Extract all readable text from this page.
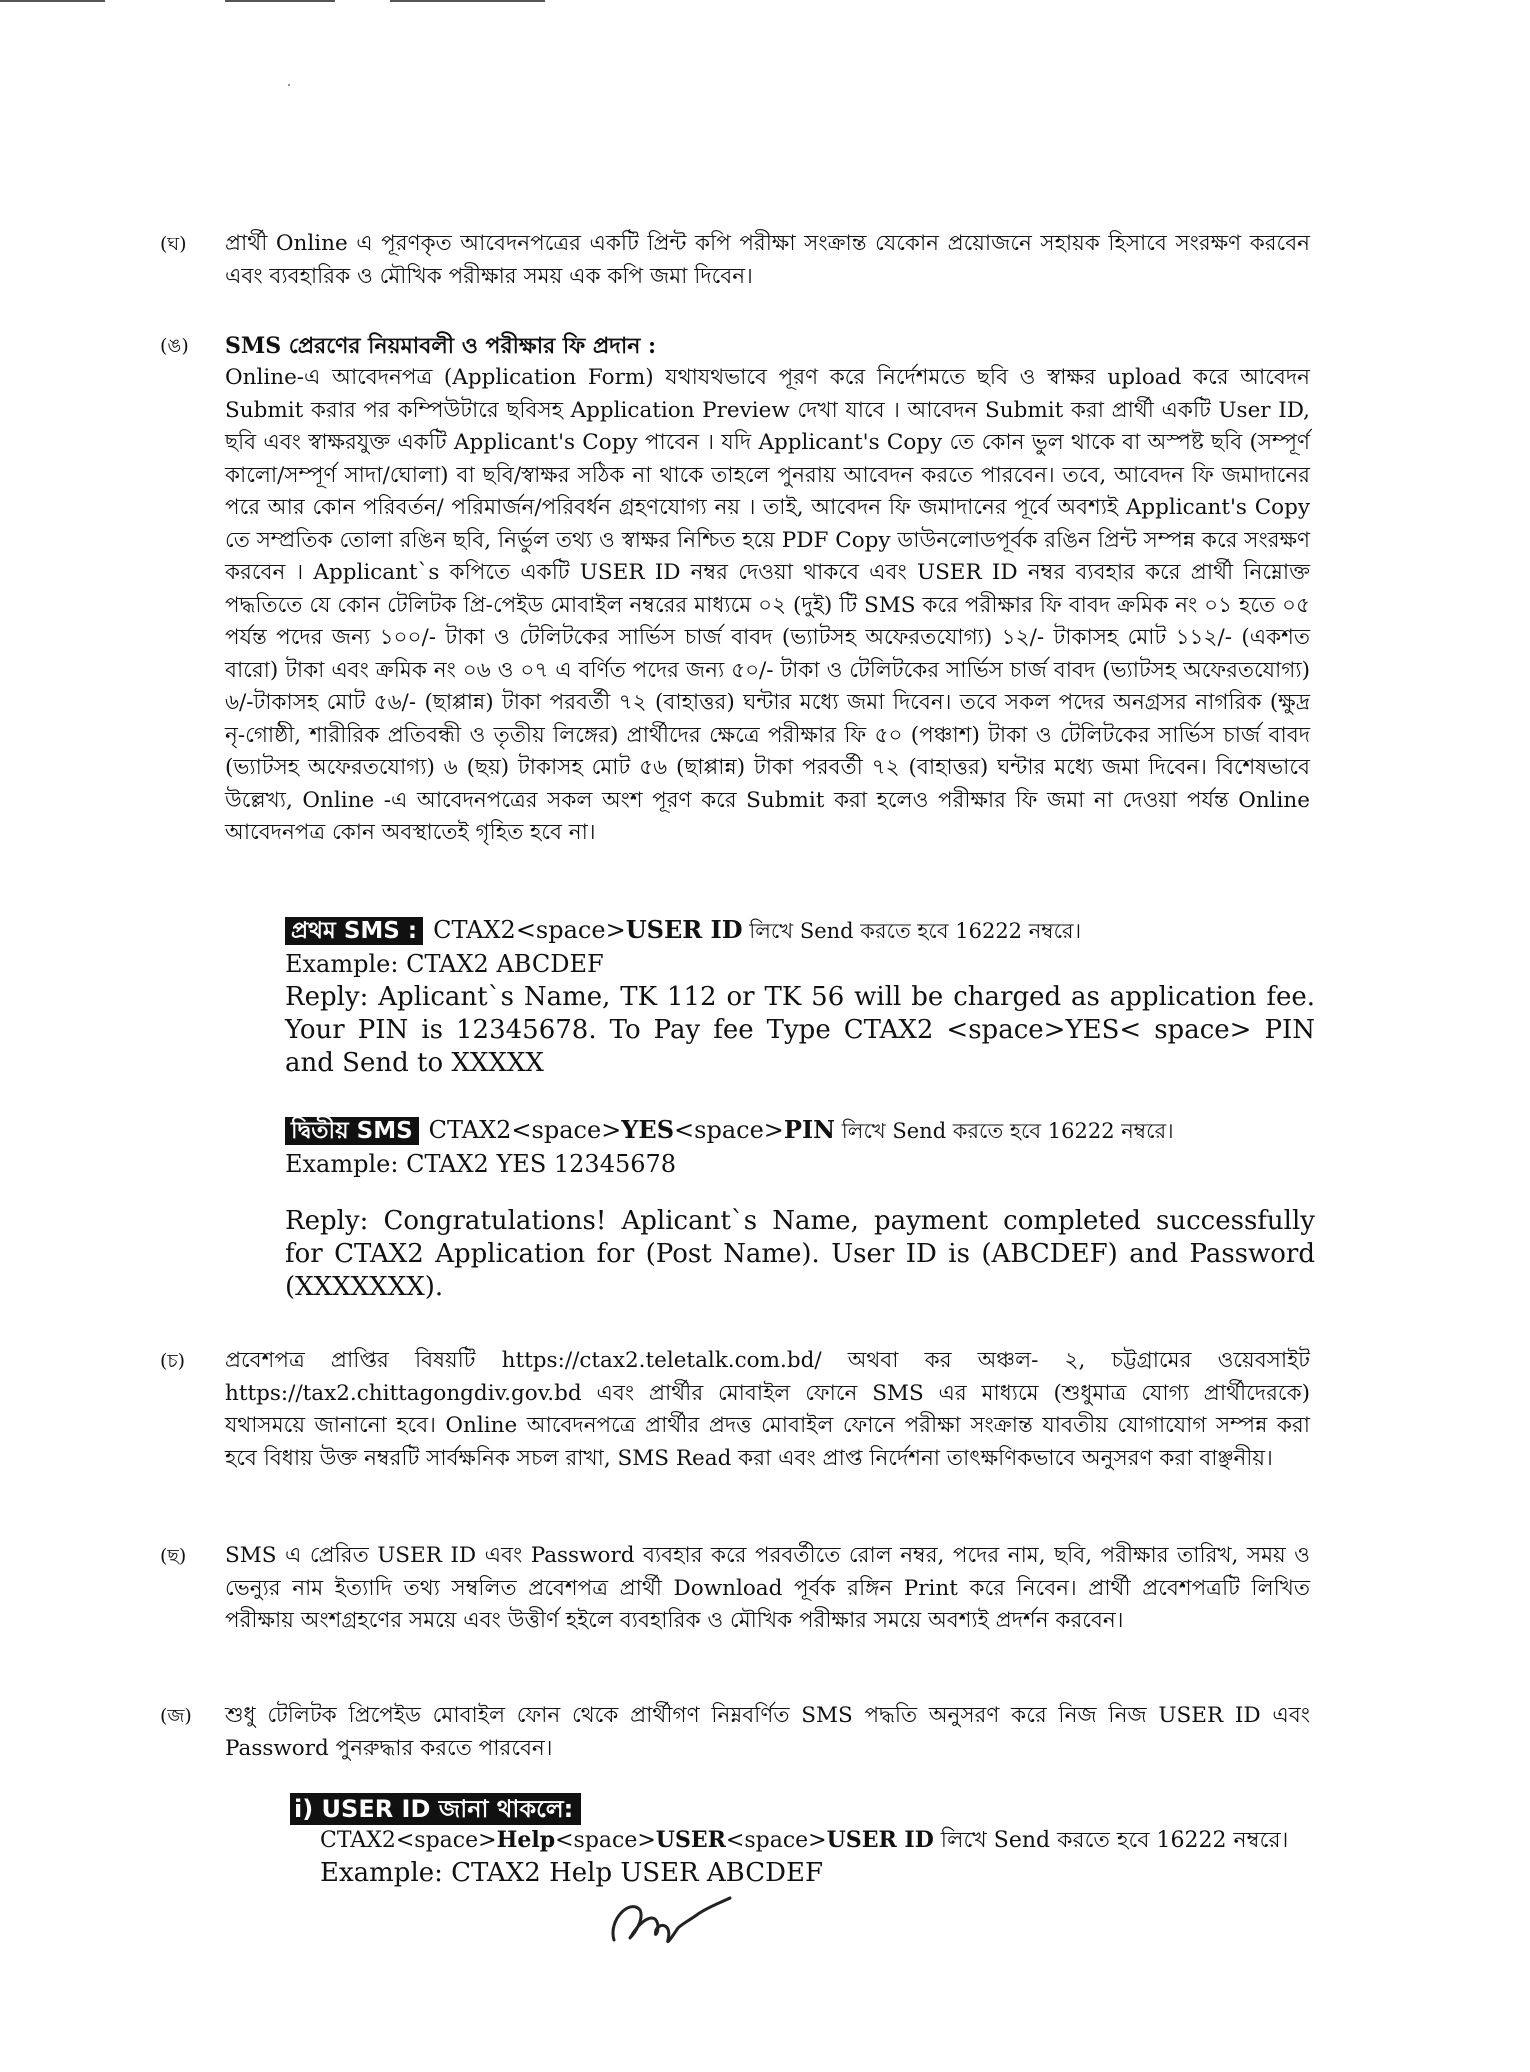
(ঘ) প্রার্থী Online এ পূরণকৃত আবেদনপত্রের একটি প্রিন্ট কপি পরীক্ষা সংক্রান্ত যেকোন প্রয়োজনে সহায়ক হিসাবে সংরক্ষণ করবেন এবং ব্যবহারিক ও মৌখিক পরীক্ষার সময় এক কপি জমা দিবেন।

(ঙ) SMS প্রেরণের নিয়মাবলী ও পরীক্ষার ফি প্রদান :

Online-এ আবেদনপত্র (Application Form) যথাযথভাবে পূরণ করে নির্দেশমতে ছবি ও স্বাক্ষর upload করে আবেদন Submit করার পর কম্পিউটারে ছবিসহ Application Preview দেখা যাবে । আবেদন Submit করা প্রার্থী একটি User ID, ছবি এবং স্বাক্ষরযুক্ত একটি Applicant's Copy পাবেন । যদি Applicant's Copy তে কোন ভুল থাকে বা অস্পষ্ট ছবি (সম্পূর্ণ কালো/সম্পূর্ণ সাদা/ঘোলা) বা ছবি/স্বাক্ষর সঠিক না থাকে তাহলে পুনরায় আবেদন করতে পারবেন। তবে, আবেদন ফি জমাদানের পরে আর কোন পরিবর্তন/ পরিমার্জন/পরিবর্ধন গ্রহণযোগ্য নয় । তাই, আবেদন ফি জমাদানের পূর্বে অবশ্যই Applicant's Copy তে সম্প্রতিক তোলা রঙিন ছবি, নির্ভুল তথ্য ও স্বাক্ষর নিশ্চিত হয়ে PDF Copy ডাউনলোডপূর্বক রঙিন প্রিন্ট সম্পন্ন করে সংরক্ষণ করবেন । Applicant`s কপিতে একটি USER ID নম্বর দেওয়া থাকবে এবং USER ID নম্বর ব্যবহার করে প্রার্থী নিম্নোক্ত পদ্ধতিতে যে কোন টেলিটক প্রি-পেইড মোবাইল নম্বরের মাধ্যমে ০২ (দুই) টি SMS করে পরীক্ষার ফি বাবদ ক্রমিক নং ০১ হতে ০৫ পর্যন্ত পদের জন্য ১০০/- টাকা ও টেলিটকের সার্ভিস চার্জ বাবদ (ভ্যাটসহ অফেরতযোগ্য) ১২/- টাকাসহ মোট ১১২/- (একশত বারো) টাকা এবং ক্রমিক নং ০৬ ও ০৭ এ বর্ণিত পদের জন্য ৫০/- টাকা ও টেলিটকের সার্ভিস চার্জ বাবদ (ভ্যাটসহ অফেরতযোগ্য) ৬/-টাকাসহ মোট ৫৬/- (ছাপ্পান্ন) টাকা পরবর্তী ৭২ (বাহাত্তর) ঘন্টার মধ্যে জমা দিবেন। তবে সকল পদের অনগ্রসর নাগরিক (ক্ষুদ্র নৃ-গোষ্ঠী, শারীরিক প্রতিবন্ধী ও তৃতীয় লিঙ্গের) প্রার্থীদের ক্ষেত্রে পরীক্ষার ফি ৫০ (পঞ্চাশ) টাকা ও টেলিটকের সার্ভিস চার্জ বাবদ (ভ্যাটসহ অফেরতযোগ্য) ৬ (ছয়) টাকাসহ মোট ৫৬ (ছাপ্পান্ন) টাকা পরবর্তী ৭২ (বাহাত্তর) ঘন্টার মধ্যে জমা দিবেন। বিশেষভাবে উল্লেখ্য, Online -এ আবেদনপত্রের সকল অংশ পূরণ করে Submit করা হলেও পরীক্ষার ফি জমা না দেওয়া পর্যন্ত Online আবেদনপত্র কোন অবস্থাতেই গৃহিত হবে না।

প্রথম SMS : CTAX2<space>USER ID লিখে Send করতে হবে 16222 নম্বরে।

Example: CTAX2 ABCDEF

Reply: Aplicant`s Name, TK 112 or TK 56 will be charged as application fee. Your PIN is 12345678. To Pay fee Type CTAX2 <space>YES< space> PIN and Send to XXXXX

দ্বিতীয় SMS CTAX2<space>YES<space>PIN লিখে Send করতে হবে 16222 নম্বরে।

Example: CTAX2 YES 12345678

Reply: Congratulations! Aplicant`s Name, payment completed successfully for CTAX2 Application for (Post Name). User ID is (ABCDEF) and Password (XXXXXXX).

(চ) প্রবেশপত্র প্রাপ্তির বিষয়টি https://ctax2.teletalk.com.bd/ অথবা কর অঞ্চল- ২, চট্টগ্রামের ওয়েবসাইট https://tax2.chittagongdiv.gov.bd এবং প্রার্থীর মোবাইল ফোনে SMS এর মাধ্যমে (শুধুমাত্র যোগ্য প্রার্থীদেরকে) যথাসময়ে জানানো হবে। Online আবেদনপত্রে প্রার্থীর প্রদত্ত মোবাইল ফোনে পরীক্ষা সংক্রান্ত যাবতীয় যোগাযোগ সম্পন্ন করা হবে বিধায় উক্ত নম্বরটি সার্বক্ষনিক সচল রাখা, SMS Read করা এবং প্রাপ্ত নির্দেশনা তাৎক্ষণিকভাবে অনুসরণ করা বাঞ্ছনীয়।

(ছ) SMS এ প্রেরিত USER ID এবং Password ব্যবহার করে পরবর্তীতে রোল নম্বর, পদের নাম, ছবি, পরীক্ষার তারিখ, সময় ও ভেন্যুর নাম ইত্যাদি তথ্য সম্বলিত প্রবেশপত্র প্রার্থী Download পূর্বক রঙ্গিন Print করে নিবেন। প্রার্থী প্রবেশপত্রটি লিখিত পরীক্ষায় অংশগ্রহণের সময়ে এবং উত্তীর্ণ হইলে ব্যবহারিক ও মৌখিক পরীক্ষার সময়ে অবশ্যই প্রদর্শন করবেন।

(জ) শুধু টেলিটক প্রিপেইড মোবাইল ফোন থেকে প্রার্থীগণ নিম্নবর্ণিত SMS পদ্ধতি অনুসরণ করে নিজ নিজ USER ID এবং Password পুনরুদ্ধার করতে পারবেন।

i) USER ID জানা থাকলে:

CTAX2<space>Help<space>USER<space>USER ID লিখে Send করতে হবে 16222 নম্বরে।

Example: CTAX2 Help USER ABCDEF
